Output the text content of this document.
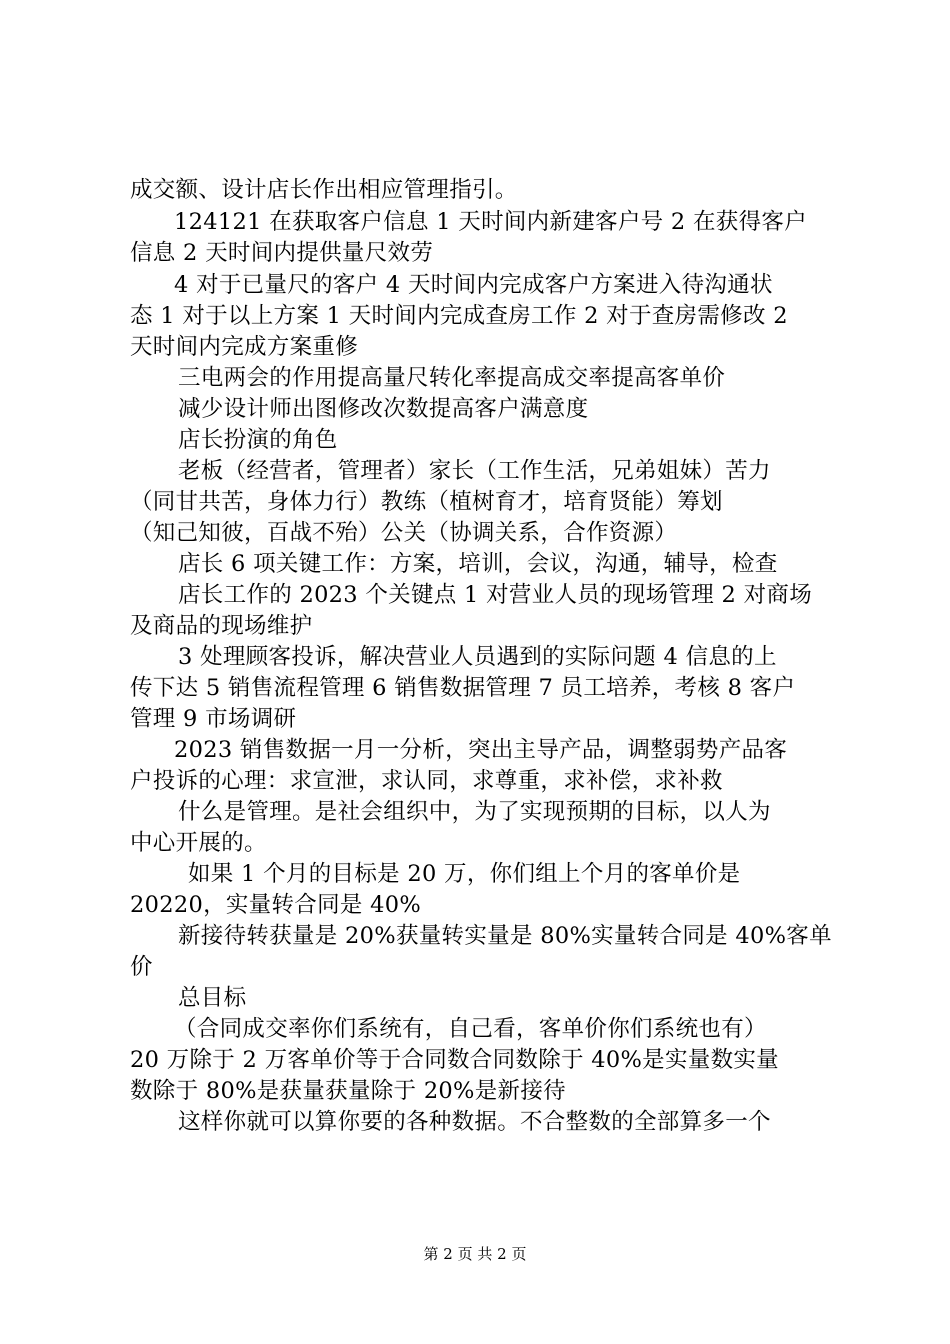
成交额、设计店长作出相应管理指引。
124121 在获取客户信息 1 天时间内新建客户号 2 在获得客户
信息 2 天时间内提供量尺效劳
4 对于已量尺的客户 4 天时间内完成客户方案进入待沟通状
态 1 对于以上方案 1 天时间内完成查房工作 2 对于查房需修改 2
天时间内完成方案重修
三电两会的作用提高量尺转化率提高成交率提高客单价
减少设计师出图修改次数提高客户满意度
店长扮演的角色
老板（经营者，管理者）家长（工作生活，兄弟姐妹）苦力
（同甘共苦，身体力行）教练（植树育才，培育贤能）筹划
（知己知彼，百战不殆）公关（协调关系，合作资源）
店长 6 项关键工作：方案，培训，会议，沟通，辅导，检查
店长工作的 2023 个关键点 1 对营业人员的现场管理 2 对商场
及商品的现场维护
3 处理顾客投诉，解决营业人员遇到的实际问题 4 信息的上
传下达 5 销售流程管理 6 销售数据管理 7 员工培养，考核 8 客户
管理 9 市场调研
2023 销售数据一月一分析，突出主导产品，调整弱势产品客
户投诉的心理：求宣泄，求认同，求尊重，求补偿，求补救
什么是管理。是社会组织中，为了实现预期的目标，以人为
中心开展的。
如果 1 个月的目标是 20 万，你们组上个月的客单价是
20220，实量转合同是 40%
新接待转获量是 20%获量转实量是 80%实量转合同是 40%客单
价
总目标
（合同成交率你们系统有，自己看，客单价你们系统也有）
20 万除于 2 万客单价等于合同数合同数除于 40%是实量数实量
数除于 80%是获量获量除于 20%是新接待
这样你就可以算你要的各种数据。不合整数的全部算多一个
第 2 页 共 2 页
